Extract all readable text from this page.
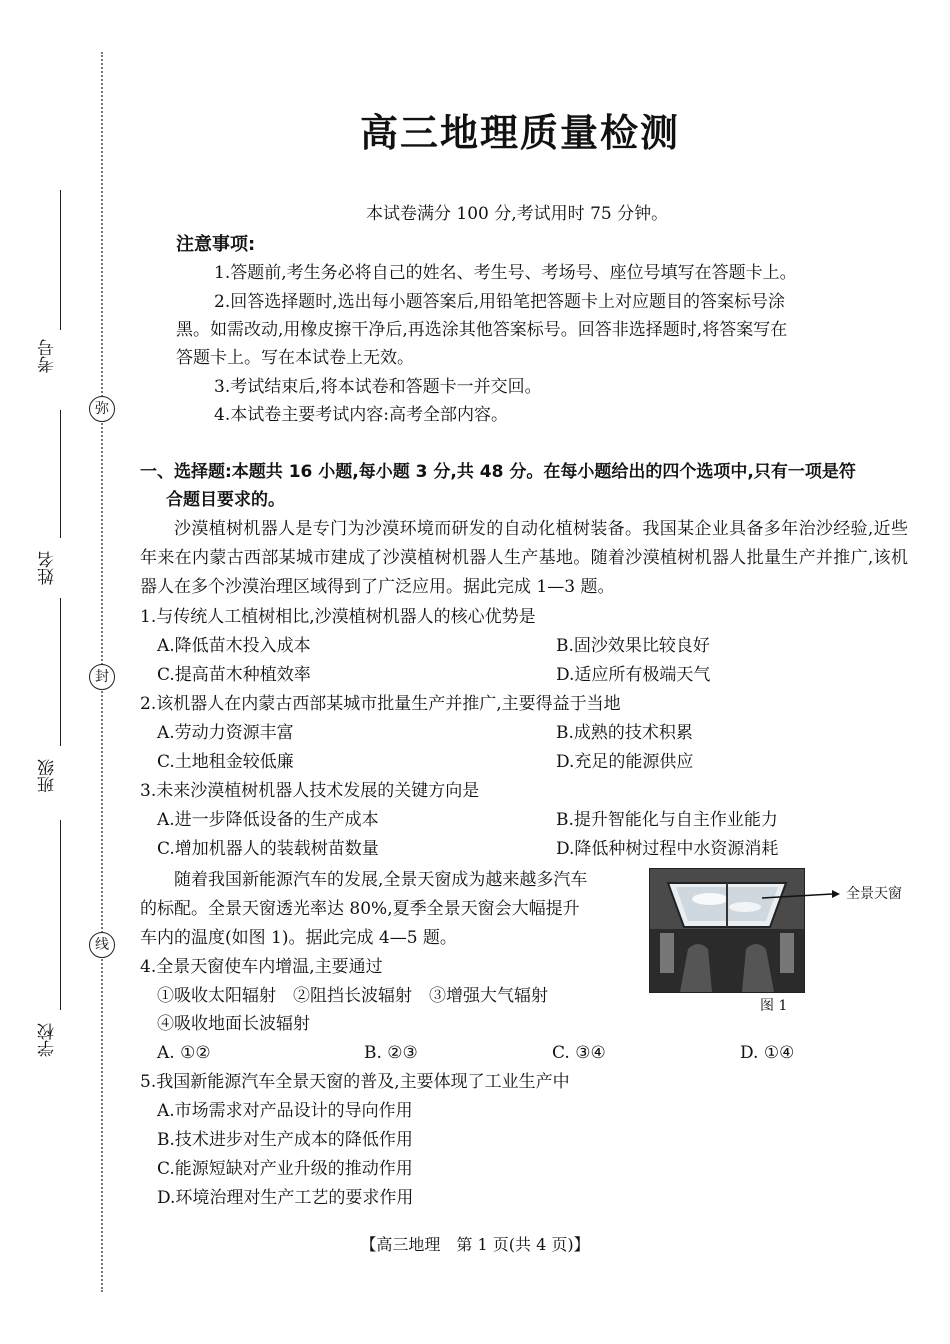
考号
弥
姓名
封
班级
线
学校
高三地理质量检测
本试卷满分 100 分,考试用时 75 分钟。
注意事项:
1.答题前,考生务必将自己的姓名、考生号、考场号、座位号填写在答题卡上。
2.回答选择题时,选出每小题答案后,用铅笔把答题卡上对应题目的答案标号涂
黑。如需改动,用橡皮擦干净后,再选涂其他答案标号。回答非选择题时,将答案写在
答题卡上。写在本试卷上无效。
3.考试结束后,将本试卷和答题卡一并交回。
4.本试卷主要考试内容:高考全部内容。
一、选择题:本题共 16 小题,每小题 3 分,共 48 分。在每小题给出的四个选项中,只有一项是符
合题目要求的。
沙漠植树机器人是专门为沙漠环境而研发的自动化植树装备。我国某企业具备多年治沙经验,近些年来在内蒙古西部某城市建成了沙漠植树机器人生产基地。随着沙漠植树机器人批量生产并推广,该机器人在多个沙漠治理区域得到了广泛应用。据此完成 1—3 题。
1.与传统人工植树相比,沙漠植树机器人的核心优势是
A.降低苗木投入成本	B.固沙效果比较良好
C.提高苗木种植效率	D.适应所有极端天气
2.该机器人在内蒙古西部某城市批量生产并推广,主要得益于当地
A.劳动力资源丰富	B.成熟的技术积累
C.土地租金较低廉	D.充足的能源供应
3.未来沙漠植树机器人技术发展的关键方向是
A.进一步降低设备的生产成本	B.提升智能化与自主作业能力
C.增加机器人的装载树苗数量	D.降低种树过程中水资源消耗
随着我国新能源汽车的发展,全景天窗成为越来越多汽车
的标配。全景天窗透光率达 80%,夏季全景天窗会大幅提升
车内的温度(如图 1)。据此完成 4—5 题。
全景天窗
图 1
4.全景天窗使车内增温,主要通过
①吸收太阳辐射　②阻挡长波辐射　③增强大气辐射
④吸收地面长波辐射
A. ①②	B. ②③	C. ③④	D. ①④
5.我国新能源汽车全景天窗的普及,主要体现了工业生产中
A.市场需求对产品设计的导向作用
B.技术进步对生产成本的降低作用
C.能源短缺对产业升级的推动作用
D.环境治理对生产工艺的要求作用
【高三地理　第 1 页(共 4 页)】
